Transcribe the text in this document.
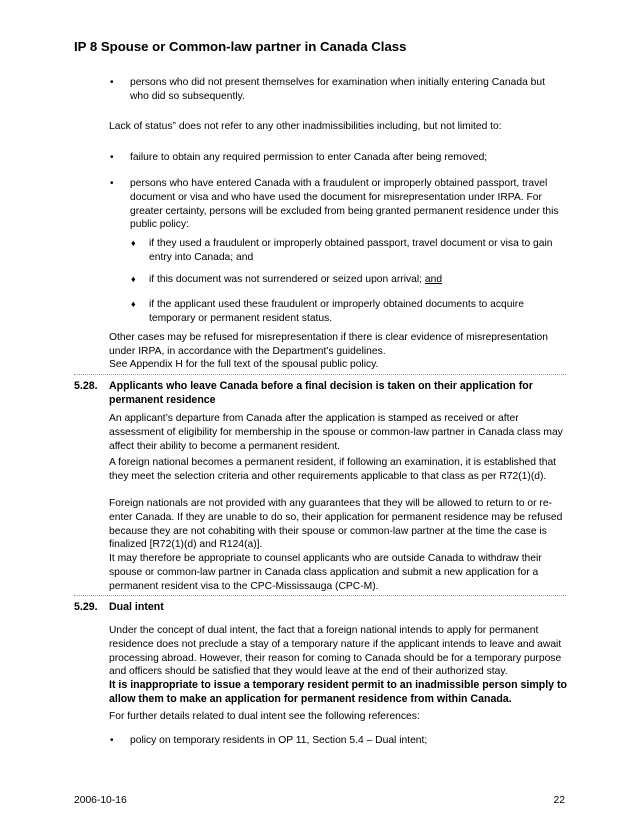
IP 8 Spouse or Common-law partner in Canada Class
• persons who did not present themselves for examination when initially entering Canada but who did so subsequently.

Lack of status” does not refer to any other inadmissibilities including, but not limited to:

• failure to obtain any required permission to enter Canada after being removed;

• persons who have entered Canada with a fraudulent or improperly obtained passport, travel document or visa and who have used the document for misrepresentation under IRPA. For greater certainty, persons will be excluded from being granted permanent residence under this public policy:

♦ if they used a fraudulent or improperly obtained passport, travel document or visa to gain entry into Canada; and

♦ if this document was not surrendered or seized upon arrival; and

♦ if the applicant used these fraudulent or improperly obtained documents to acquire temporary or permanent resident status.

Other cases may be refused for misrepresentation if there is clear evidence of misrepresentation under IRPA, in accordance with the Department’s guidelines.

See Appendix H for the full text of the spousal public policy.

5.28. Applicants who leave Canada before a final decision is taken on their application for permanent residence

An applicant’s departure from Canada after the application is stamped as received or after assessment of eligibility for membership in the spouse or common-law partner in Canada class may affect their ability to become a permanent resident.

A foreign national becomes a permanent resident, if following an examination, it is established that they meet the selection criteria and other requirements applicable to that class as per R72(1)(d).

Foreign nationals are not provided with any guarantees that they will be allowed to return to or re-enter Canada. If they are unable to do so, their application for permanent residence may be refused because they are not cohabiting with their spouse or common-law partner at the time the case is finalized [R72(1)(d) and R124(a)].

It may therefore be appropriate to counsel applicants who are outside Canada to withdraw their spouse or common-law partner in Canada class application and submit a new application for a permanent resident visa to the CPC-Mississauga (CPC-M).

5.29. Dual intent

Under the concept of dual intent, the fact that a foreign national intends to apply for permanent residence does not preclude a stay of a temporary nature if the applicant intends to leave and await processing abroad. However, their reason for coming to Canada should be for a temporary purpose and officers should be satisfied that they would leave at the end of their authorized stay.

It is inappropriate to issue a temporary resident permit to an inadmissible person simply to allow them to make an application for permanent residence from within Canada.

For further details related to dual intent see the following references:

• policy on temporary residents in OP 11, Section 5.4 – Dual intent;

2006-10-16	22
